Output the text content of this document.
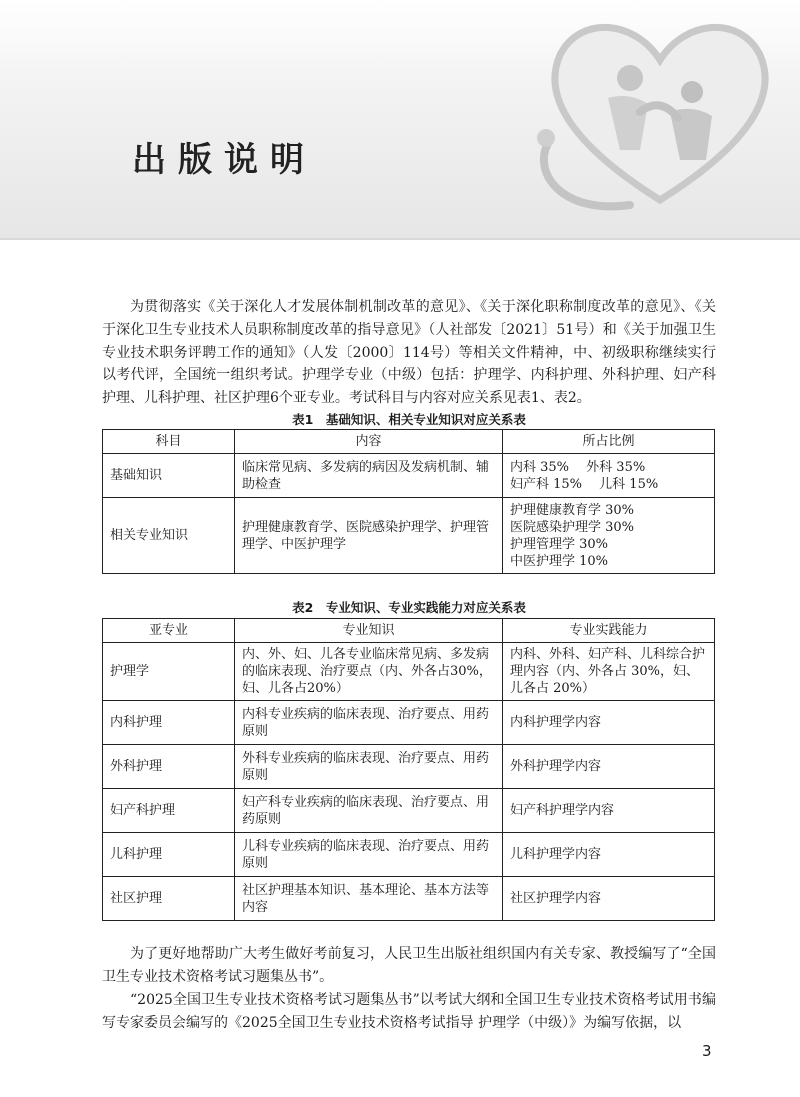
出版说明

为贯彻落实《关于深化人才发展体制机制改革的意见》、《关于深化职称制度改革的意见》、《关于深化卫生专业技术人员职称制度改革的指导意见》（人社部发〔2021〕51号）和《关于加强卫生专业技术职务评聘工作的通知》（人发〔2000〕114号）等相关文件精神，中、初级职称继续实行以考代评，全国统一组织考试。护理学专业（中级）包括：护理学、内科护理、外科护理、妇产科护理、儿科护理、社区护理6个亚专业。考试科目与内容对应关系见表1、表2。

表1　基础知识、相关专业知识对应关系表
科目	内容	所占比例
基础知识	临床常见病、多发病的病因及发病机制、辅助检查	内科 35%　 外科 35%
妇产科 15%　 儿科 15%

相关专业知识	护理健康教育学、医院感染护理学、护理管理学、中医护理学	护理健康教育学 30%
医院感染护理学 30%
护理管理学 30%
中医护理学 10%
表2　专业知识、专业实践能力对应关系表
亚专业	专业知识	专业实践能力
护理学	内、外、妇、儿各专业临床常见病、多发病的临床表现、治疗要点（内、外各占30%，妇、儿各占20%）	内科、外科、妇产科、儿科综合护理内容（内、外各占 30%，妇、儿各占 20%）
内科护理	内科专业疾病的临床表现、治疗要点、用药原则	内科护理学内容
外科护理	外科专业疾病的临床表现、治疗要点、用药原则	外科护理学内容
妇产科护理	妇产科专业疾病的临床表现、治疗要点、用药原则	妇产科护理学内容
儿科护理	儿科专业疾病的临床表现、治疗要点、用药原则	儿科护理学内容
社区护理	社区护理基本知识、基本理论、基本方法等内容	社区护理学内容

为了更好地帮助广大考生做好考前复习，人民卫生出版社组织国内有关专家、教授编写了“全国卫生专业技术资格考试习题集丛书”。

“2025全国卫生专业技术资格考试习题集丛书”以考试大纲和全国卫生专业技术资格考试用书编写专家委员会编写的《2025全国卫生专业技术资格考试指导 护理学（中级）》为编写依据，以

3
